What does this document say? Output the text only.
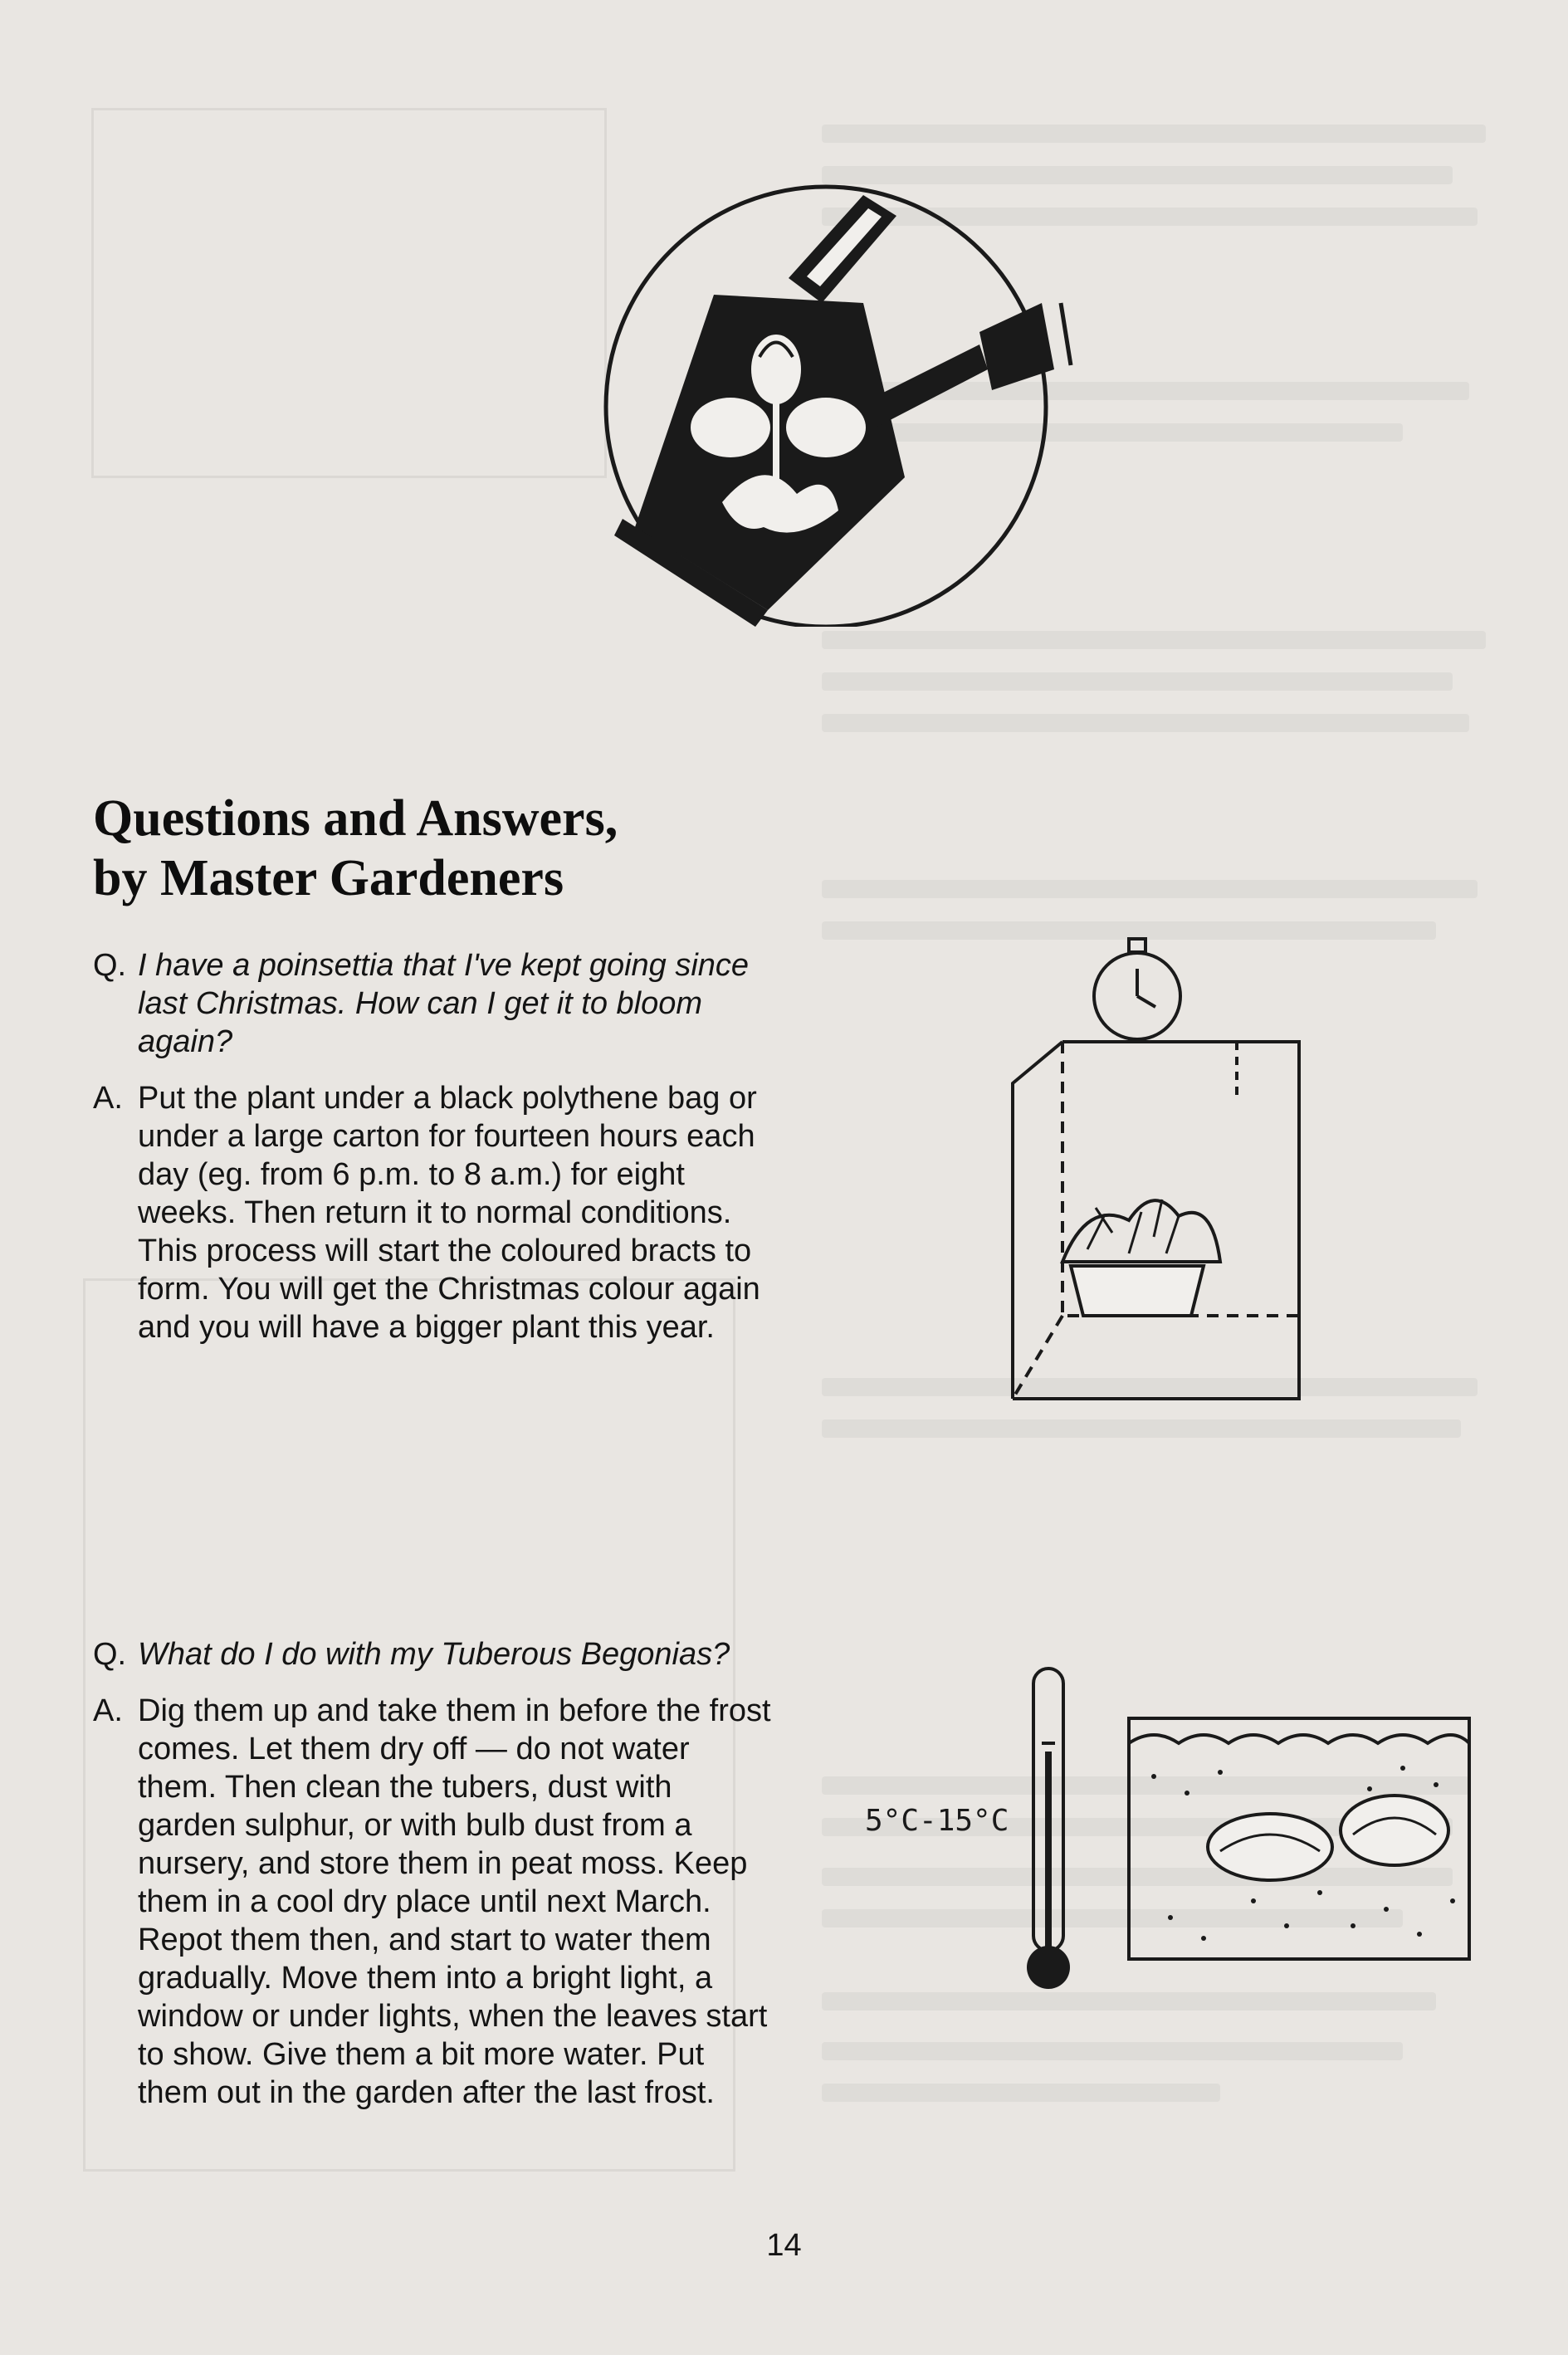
5°C-15°C
Questions and Answers,
by Master Gardeners
Q. I have a poinsettia that I've kept going since last Christmas. How can I get it to bloom again?
A. Put the plant under a black polythene bag or under a large carton for fourteen hours each day (eg. from 6 p.m. to 8 a.m.) for eight weeks. Then return it to normal conditions. This process will start the coloured bracts to form. You will get the Christmas colour again and you will have a bigger plant this year.
Q. What do I do with my Tuberous Begonias?
A. Dig them up and take them in before the frost comes. Let them dry off — do not water them. Then clean the tubers, dust with garden sulphur, or with bulb dust from a nursery, and store them in peat moss. Keep them in a cool dry place until next March. Repot them then, and start to water them gradually. Move them into a bright light, a window or under lights, when the leaves start to show. Give them a bit more water. Put them out in the garden after the last frost.
14
